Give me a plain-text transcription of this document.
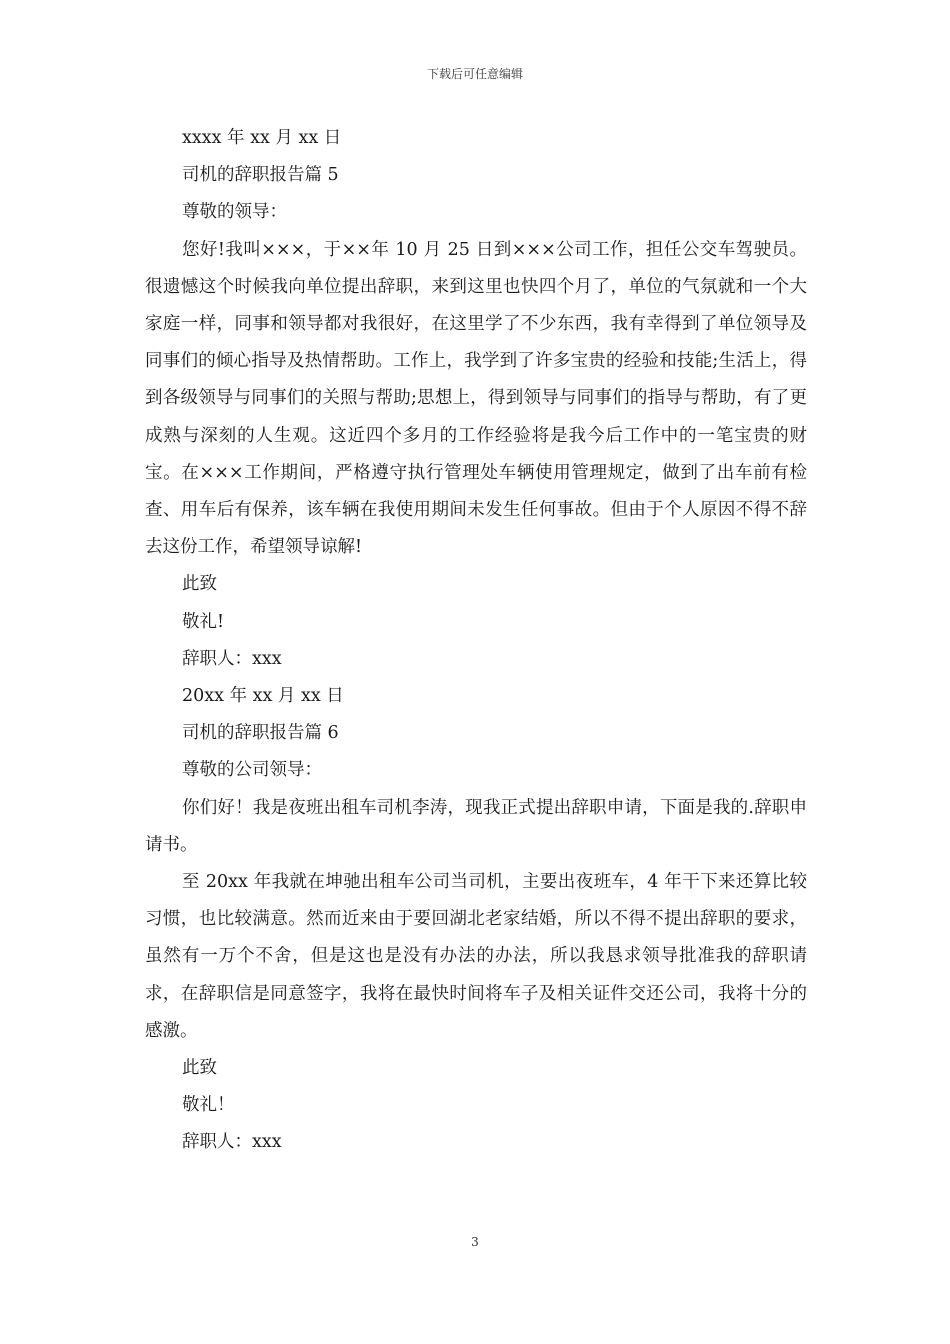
下载后可任意编辑
xxxx 年 xx 月 xx 日
司机的辞职报告篇 5
尊敬的领导：

您好!我叫×××，于××年 10 月 25 日到×××公司工作，担任公交车驾驶员。很遗憾这个时候我向单位提出辞职，来到这里也快四个月了，单位的气氛就和一个大家庭一样，同事和领导都对我很好，在这里学了不少东西，我有幸得到了单位领导及同事们的倾心指导及热情帮助。工作上，我学到了许多宝贵的经验和技能;生活上，得到各级领导与同事们的关照与帮助;思想上，得到领导与同事们的指导与帮助，有了更成熟与深刻的人生观。这近四个多月的工作经验将是我今后工作中的一笔宝贵的财宝。在×××工作期间，严格遵守执行管理处车辆使用管理规定，做到了出车前有检查、用车后有保养，该车辆在我使用期间未发生任何事故。但由于个人原因不得不辞去这份工作，希望领导谅解!

此致
敬礼!
辞职人：xxx
20xx 年 xx 月 xx 日
司机的辞职报告篇 6
尊敬的公司领导：

你们好！我是夜班出租车司机李涛，现我正式提出辞职申请，下面是我的.辞职申请书。

至 20xx 年我就在坤驰出租车公司当司机，主要出夜班车，4 年干下来还算比较习惯，也比较满意。然而近来由于要回湖北老家结婚，所以不得不提出辞职的要求，虽然有一万个不舍，但是这也是没有办法的办法，所以我恳求领导批准我的辞职请求，在辞职信是同意签字，我将在最快时间将车子及相关证件交还公司，我将十分的感激。

此致
敬礼！
辞职人：xxx
3
